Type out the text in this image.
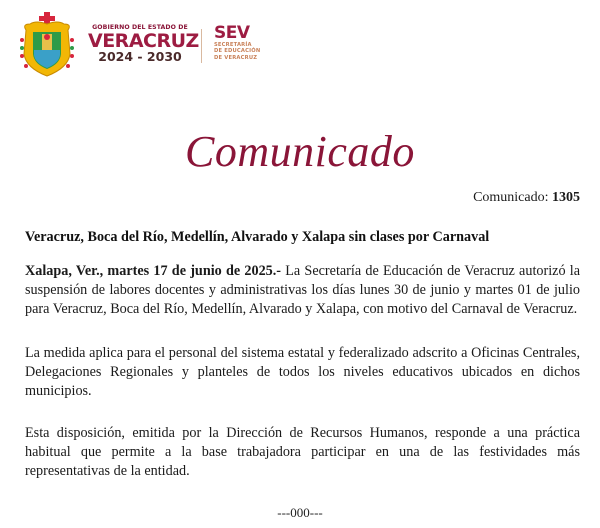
GOBIERNO DEL ESTADO DE
VERACRUZ
2024 - 2030
SEV
SECRETARÍA
DE EDUCACIÓN
DE VERACRUZ
Comunicado
Comunicado: 1305
Veracruz, Boca del Río, Medellín, Alvarado y Xalapa sin clases por Carnaval
Xalapa, Ver., martes 17 de junio de 2025.- La Secretaría de Educación de Veracruz autorizó la suspensión de labores docentes y administrativas los días lunes 30 de junio y martes 01 de julio para Veracruz, Boca del Río, Medellín, Alvarado y Xalapa, con motivo del Carnaval de Veracruz.
La medida aplica para el personal del sistema estatal y federalizado adscrito a Oficinas Centrales, Delegaciones Regionales y planteles de todos los niveles educativos ubicados en dichos municipios.
Esta disposición, emitida por la Dirección de Recursos Humanos, responde a una práctica habitual que permite a la base trabajadora participar en una de las festividades más representativas de la entidad.
---000---
